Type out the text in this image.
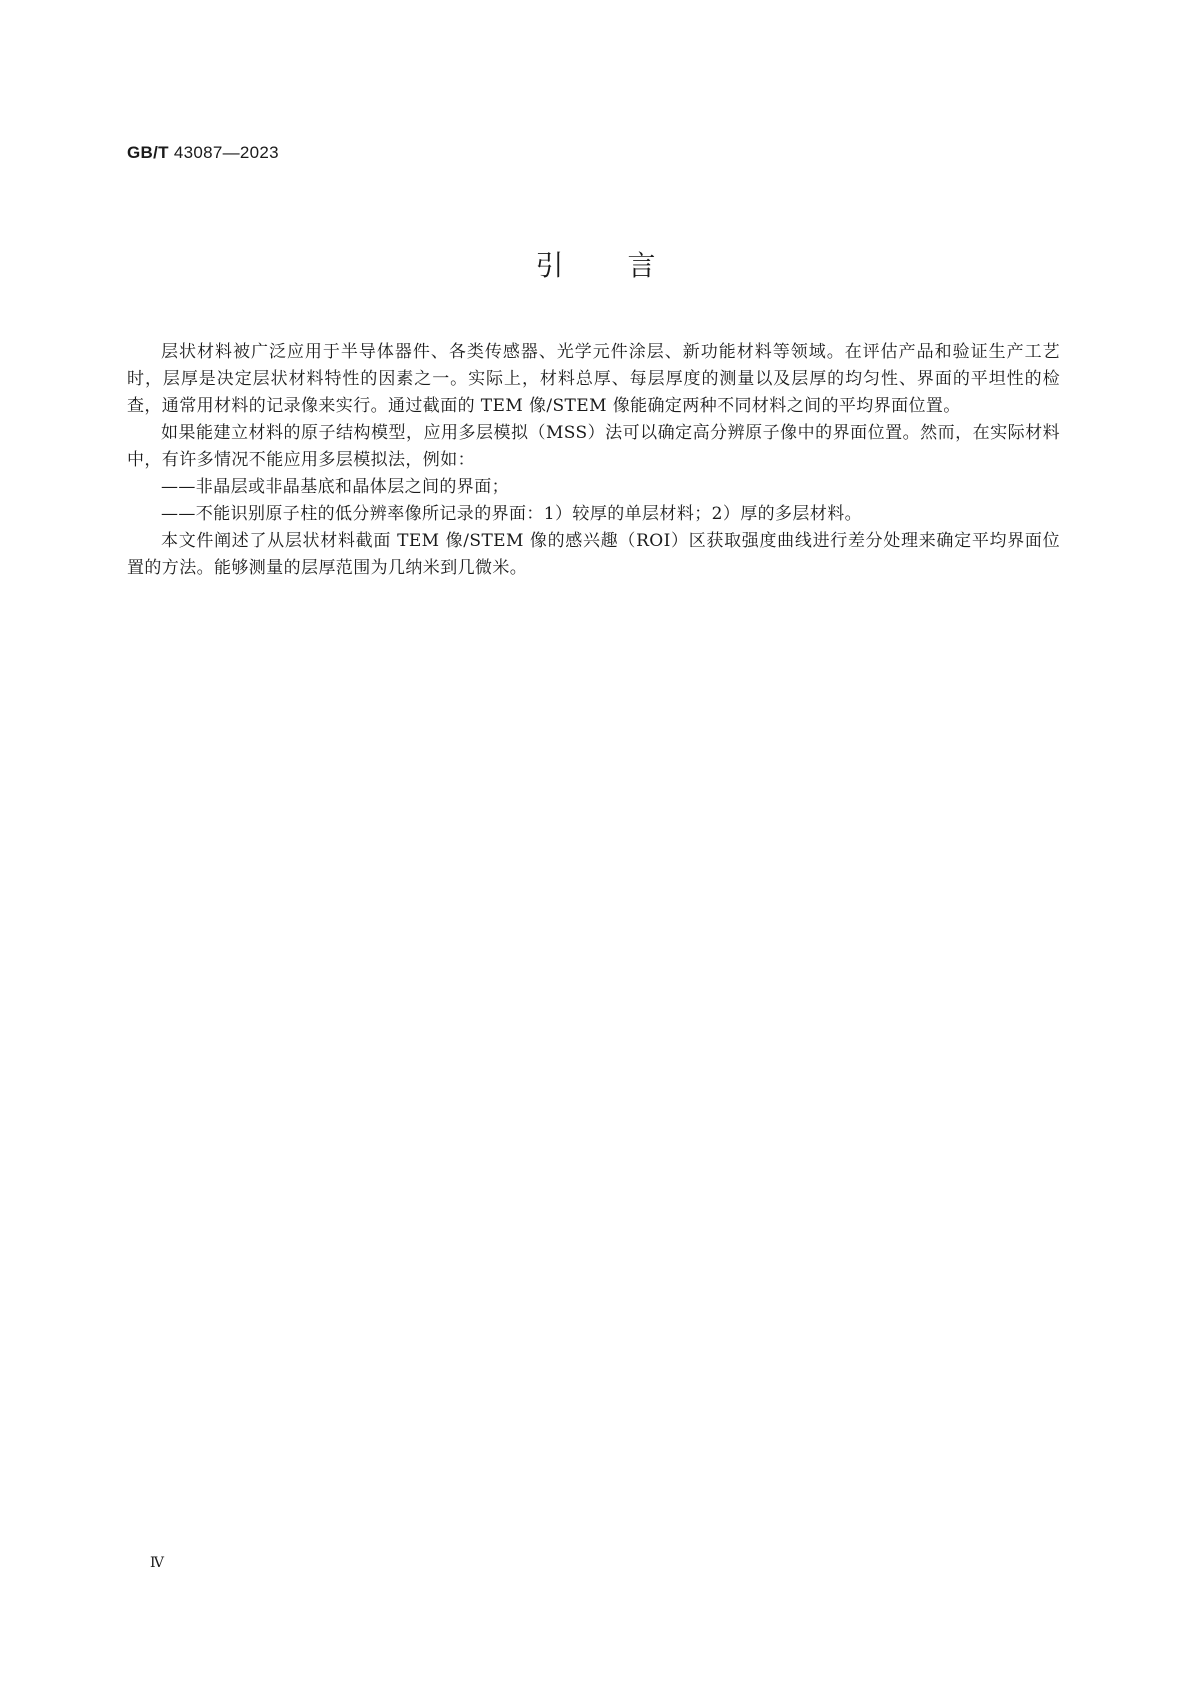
GB/T 43087—2023
引言

层状材料被广泛应用于半导体器件、各类传感器、光学元件涂层、新功能材料等领域。在评估产品和验证生产工艺时，层厚是决定层状材料特性的因素之一。实际上，材料总厚、每层厚度的测量以及层厚的均匀性、界面的平坦性的检查，通常用材料的记录像来实行。通过截面的 TEM 像/STEM 像能确定两种不同材料之间的平均界面位置。

如果能建立材料的原子结构模型，应用多层模拟（MSS）法可以确定高分辨原子像中的界面位置。然而，在实际材料中，有许多情况不能应用多层模拟法，例如：

——非晶层或非晶基底和晶体层之间的界面；

——不能识别原子柱的低分辨率像所记录的界面：1）较厚的单层材料；2）厚的多层材料。

本文件阐述了从层状材料截面 TEM 像/STEM 像的感兴趣（ROI）区获取强度曲线进行差分处理来确定平均界面位置的方法。能够测量的层厚范围为几纳米到几微米。

Ⅳ
